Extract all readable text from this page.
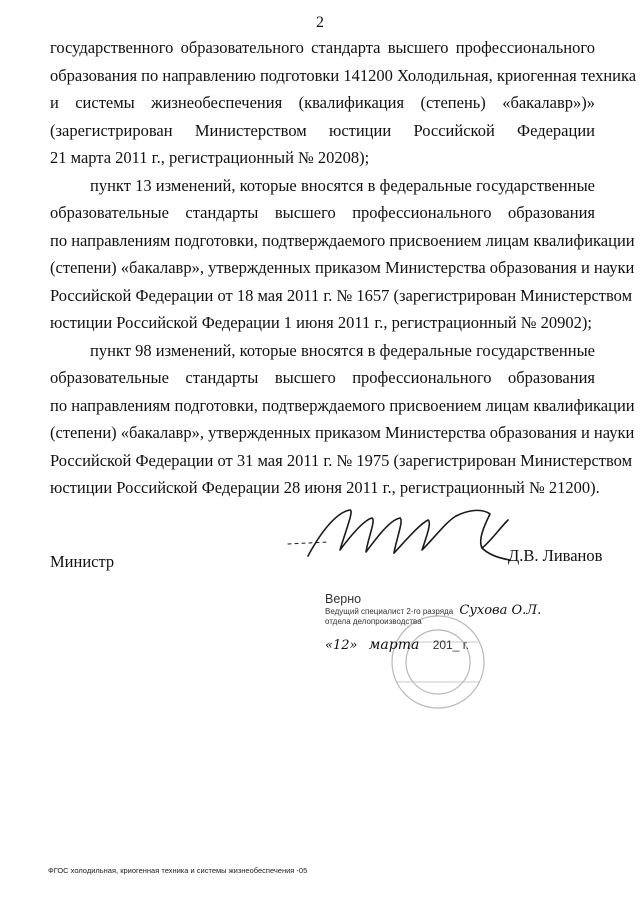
2
государственного образовательного стандарта высшего профессионального
образования по направлению подготовки 141200 Холодильная, криогенная техника
и системы жизнеобеспечения (квалификация (степень) «бакалавр»)»
(зарегистрирован Министерством юстиции Российской Федерации
21 марта 2011 г., регистрационный № 20208);
пункт 13 изменений, которые вносятся в федеральные государственные
образовательные стандарты высшего профессионального образования
по направлениям подготовки, подтверждаемого присвоением лицам квалификации
(степени) «бакалавр», утвержденных приказом Министерства образования и науки
Российской Федерации от 18 мая 2011 г. № 1657 (зарегистрирован Министерством
юстиции Российской Федерации 1 июня 2011 г., регистрационный № 20902);
пункт 98 изменений, которые вносятся в федеральные государственные
образовательные стандарты высшего профессионального образования
по направлениям подготовки, подтверждаемого присвоением лицам квалификации
(степени) «бакалавр», утвержденных приказом Министерства образования и науки
Российской Федерации от 31 мая 2011 г. № 1975 (зарегистрирован Министерством
юстиции Российской Федерации 28 июня 2011 г., регистрационный № 21200).
Министр	Д.В. Ливанов
Верно
Ведущий специалист 2-го разряда Сухова О.Л.
отдела делопроизводства
«12» марта 201_ г.
ФГОС холодильная, криогенная техника и системы жизнеобеспечения -05
